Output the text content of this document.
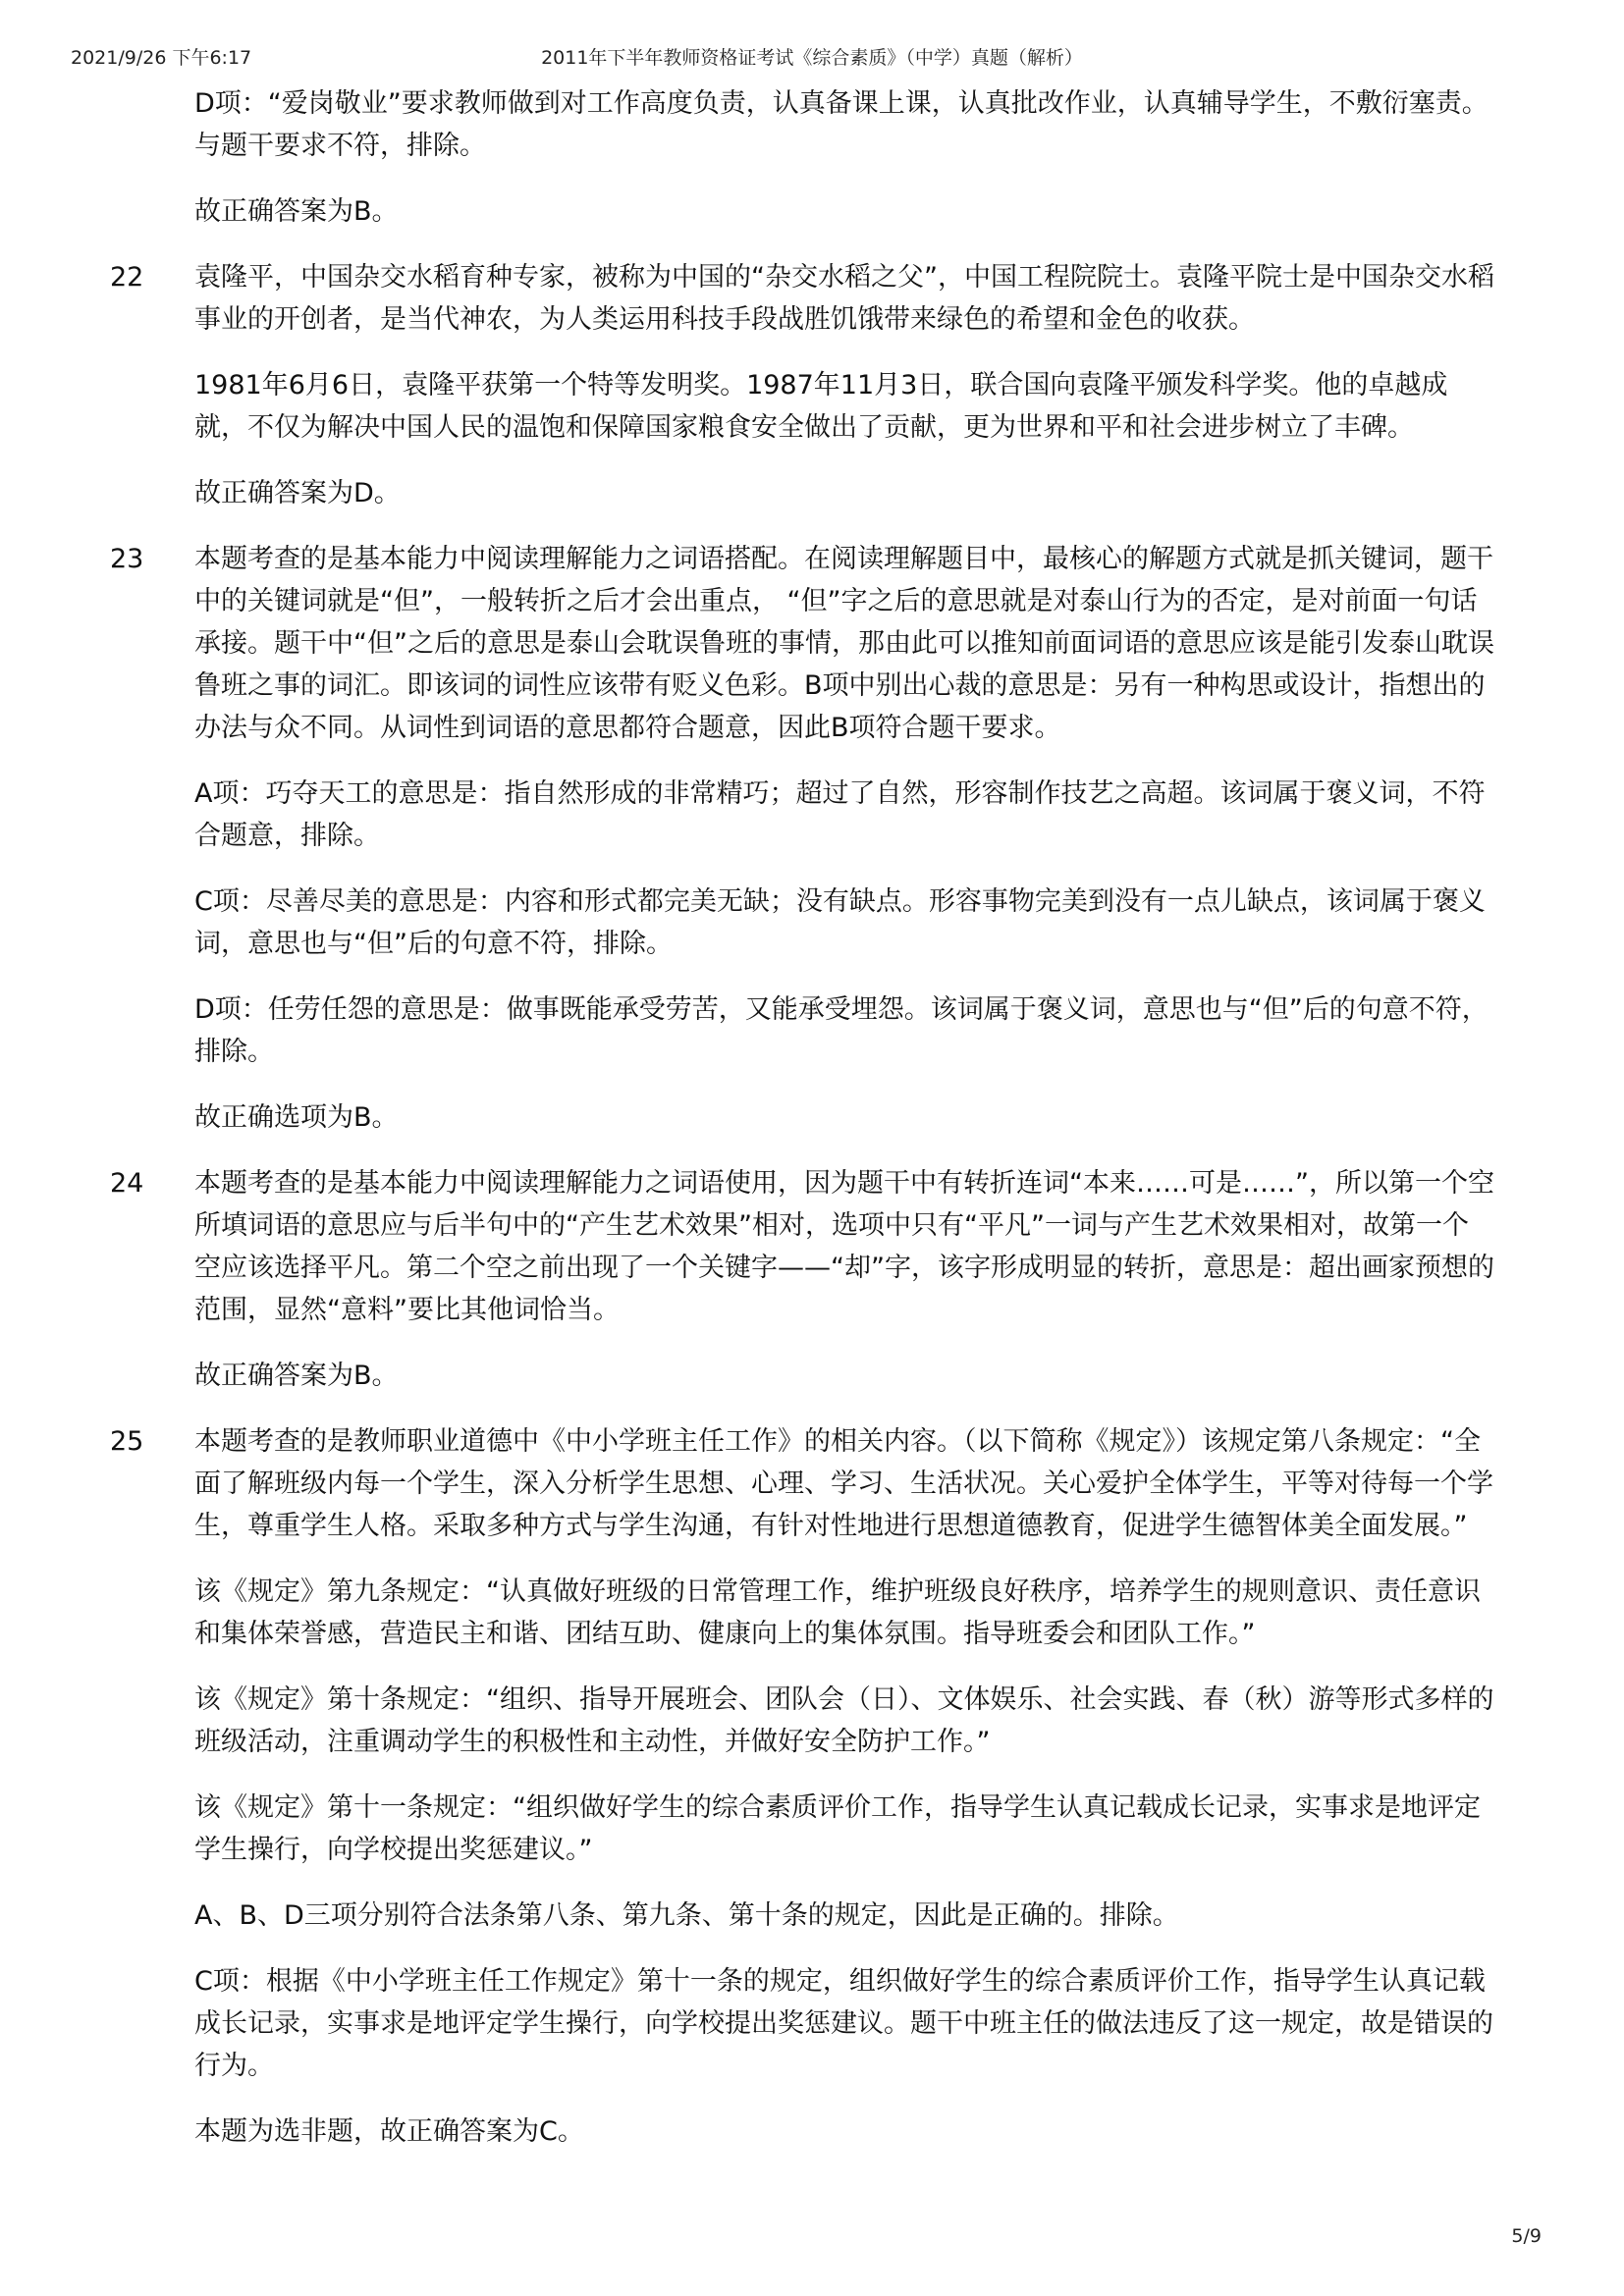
2021/9/26 下午6:17	2011年下半年教师资格证考试《综合素质》（中学）真题（解析）

D项：“爱岗敬业”要求教师做到对工作高度负责，认真备课上课，认真批改作业，认真辅导学生，不敷衍塞责。与题干要求不符，排除。

故正确答案为B。

22 袁隆平，中国杂交水稻育种专家，被称为中国的“杂交水稻之父”，中国工程院院士。袁隆平院士是中国杂交水稻事业的开创者，是当代神农，为人类运用科技手段战胜饥饿带来绿色的希望和金色的收获。

1981年6月6日，袁隆平获第一个特等发明奖。1987年11月3日，联合国向袁隆平颁发科学奖。他的卓越成就，不仅为解决中国人民的温饱和保障国家粮食安全做出了贡献，更为世界和平和社会进步树立了丰碑。

故正确答案为D。

23 本题考查的是基本能力中阅读理解能力之词语搭配。在阅读理解题目中，最核心的解题方式就是抓关键词，题干中的关键词就是“但”，一般转折之后才会出重点， “但”字之后的意思就是对泰山行为的否定，是对前面一句话承接。题干中“但”之后的意思是泰山会耽误鲁班的事情，那由此可以推知前面词语的意思应该是能引发泰山耽误鲁班之事的词汇。即该词的词性应该带有贬义色彩。B项中别出心裁的意思是：另有一种构思或设计，指想出的办法与众不同。从词性到词语的意思都符合题意，因此B项符合题干要求。

A项：巧夺天工的意思是：指自然形成的非常精巧；超过了自然，形容制作技艺之高超。该词属于褒义词，不符合题意，排除。

C项：尽善尽美的意思是：内容和形式都完美无缺；没有缺点。形容事物完美到没有一点儿缺点，该词属于褒义词，意思也与“但”后的句意不符，排除。

D项：任劳任怨的意思是：做事既能承受劳苦，又能承受埋怨。该词属于褒义词，意思也与“但”后的句意不符，排除。

故正确选项为B。

24 本题考查的是基本能力中阅读理解能力之词语使用，因为题干中有转折连词“本来……可是……”，所以第一个空所填词语的意思应与后半句中的“产生艺术效果”相对，选项中只有“平凡”一词与产生艺术效果相对，故第一个空应该选择平凡。第二个空之前出现了一个关键字——“却”字，该字形成明显的转折，意思是：超出画家预想的范围，显然“意料”要比其他词恰当。

故正确答案为B。

25 本题考查的是教师职业道德中《中小学班主任工作》的相关内容。（以下简称《规定》）该规定第八条规定：“全面了解班级内每一个学生，深入分析学生思想、心理、学习、生活状况。关心爱护全体学生，平等对待每一个学生，尊重学生人格。采取多种方式与学生沟通，有针对性地进行思想道德教育，促进学生德智体美全面发展。”

该《规定》第九条规定：“认真做好班级的日常管理工作，维护班级良好秩序，培养学生的规则意识、责任意识和集体荣誉感，营造民主和谐、团结互助、健康向上的集体氛围。指导班委会和团队工作。”

该《规定》第十条规定：“组织、指导开展班会、团队会（日）、文体娱乐、社会实践、春（秋）游等形式多样的班级活动，注重调动学生的积极性和主动性，并做好安全防护工作。”

该《规定》第十一条规定：“组织做好学生的综合素质评价工作，指导学生认真记载成长记录，实事求是地评定学生操行，向学校提出奖惩建议。”

A、B、D三项分别符合法条第八条、第九条、第十条的规定，因此是正确的。排除。

C项：根据《中小学班主任工作规定》第十一条的规定，组织做好学生的综合素质评价工作，指导学生认真记载成长记录，实事求是地评定学生操行，向学校提出奖惩建议。题干中班主任的做法违反了这一规定，故是错误的行为。

本题为选非题，故正确答案为C。

5/9
